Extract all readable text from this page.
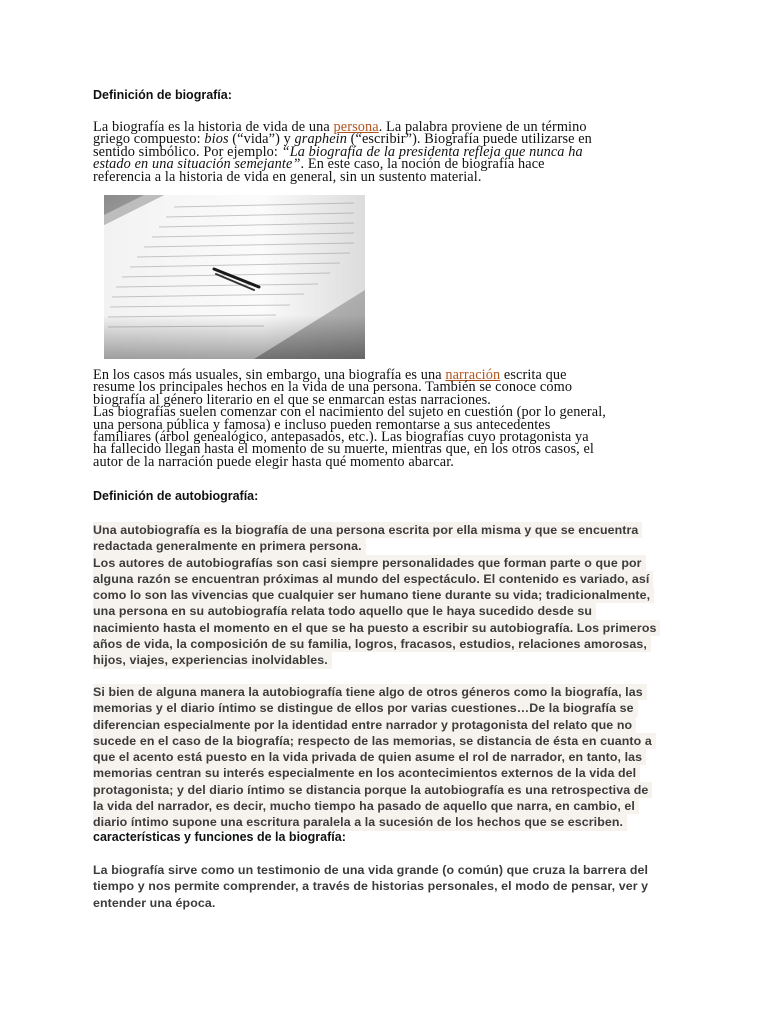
Definición de biografía:

La biografía es la historia de vida de una persona. La palabra proviene de un término
griego compuesto: bios (“vida”) y graphein (“escribir”). Biografía puede utilizarse en
sentido simbólico. Por ejemplo: “La biografía de la presidenta refleja que nunca ha
estado en una situación semejante”. En este caso, la noción de biografía hace
referencia a la historia de vida en general, sin un sustento material.
En los casos más usuales, sin embargo, una biografía es una narración escrita que
resume los principales hechos en la vida de una persona. También se conoce como
biografía al género literario en el que se enmarcan estas narraciones.
Las biografías suelen comenzar con el nacimiento del sujeto en cuestión (por lo general,
una persona pública y famosa) e incluso pueden remontarse a sus antecedentes
familiares (árbol genealógico, antepasados, etc.). Las biografías cuyo protagonista ya
ha fallecido llegan hasta el momento de su muerte, mientras que, en los otros casos, el
autor de la narración puede elegir hasta qué momento abarcar.

Definición de autobiografía:

Una autobiografía es la biografía de una persona escrita por ella misma y que se encuentra
redactada generalmente en primera persona.
Los autores de autobiografías son casi siempre personalidades que forman parte o que por
alguna razón se encuentran próximas al mundo del espectáculo. El contenido es variado, así
como lo son las vivencias que cualquier ser humano tiene durante su vida; tradicionalmente,
una persona en su autobiografía relata todo aquello que le haya sucedido desde su
nacimiento hasta el momento en el que se ha puesto a escribir su autobiografía. Los primeros
años de vida, la composición de su familia, logros, fracasos, estudios, relaciones amorosas,
hijos, viajes, experiencias inolvidables.
Si bien de alguna manera la autobiografía tiene algo de otros géneros como la biografía, las
memorias y el diario íntimo se distingue de ellos por varias cuestiones…De la biografía se
diferencian especialmente por la identidad entre narrador y protagonista del relato que no
sucede en el caso de la biografía; respecto de las memorias, se distancia de ésta en cuanto a
que el acento está puesto en la vida privada de quien asume el rol de narrador, en tanto, las
memorias centran su interés especialmente en los acontecimientos externos de la vida del
protagonista; y del diario íntimo se distancia porque la autobiografía es una retrospectiva de
la vida del narrador, es decir, mucho tiempo ha pasado de aquello que narra, en cambio, el
diario íntimo supone una escritura paralela a la sucesión de los hechos que se escriben.

características y funciones de la biografía:

La biografía sirve como un testimonio de una vida grande (o común) que cruza la barrera del
tiempo y nos permite comprender, a través de historias personales, el modo de pensar, ver y
entender una época.
